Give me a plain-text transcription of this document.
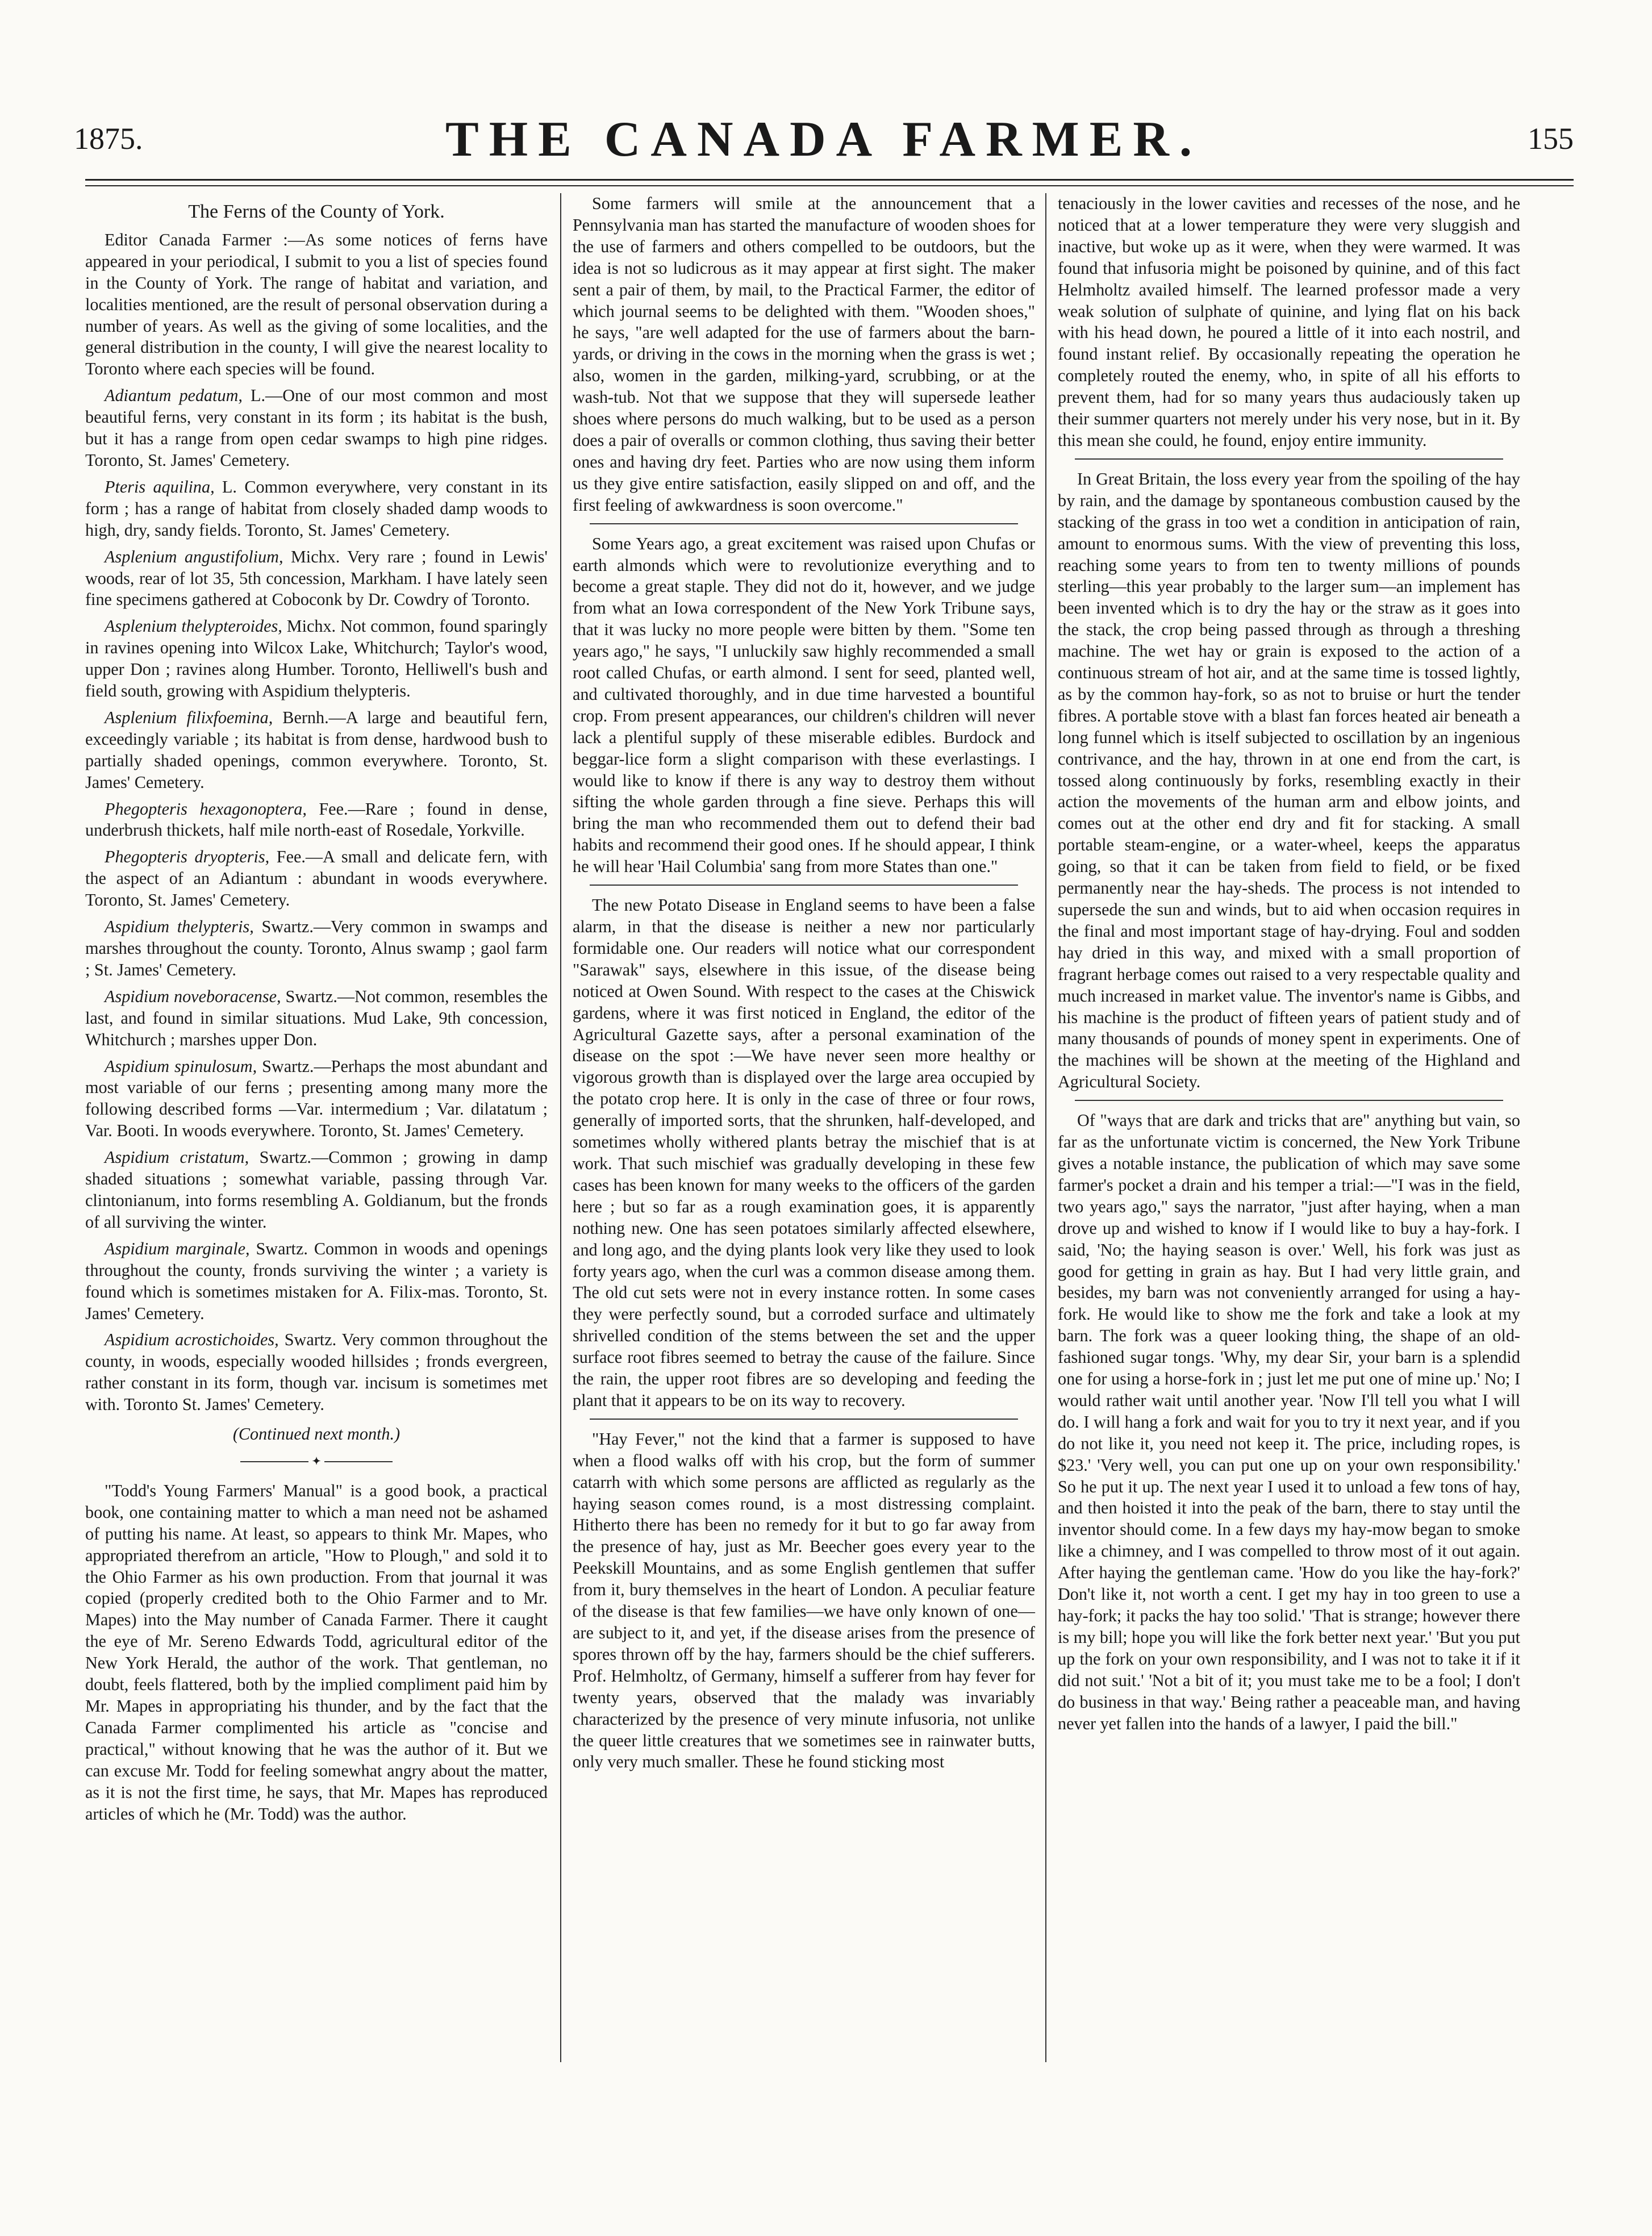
1875.	THE CANADA FARMER.	155
The Ferns of the County of York.

Editor Canada Farmer :—As some notices of ferns have appeared in your periodical, I submit to you a list of species found in the County of York. The range of habitat and variation, and localities mentioned, are the result of personal observation during a number of years. As well as the giving of some localities, and the general distribution in the county, I will give the nearest locality to Toronto where each species will be found.

Adiantum pedatum, L.—One of our most common and most beautiful ferns, very constant in its form ; its habitat is the bush, but it has a range from open cedar swamps to high pine ridges. Toronto, St. James' Cemetery.

Pteris aquilina, L. Common everywhere, very constant in its form ; has a range of habitat from closely shaded damp woods to high, dry, sandy fields. Toronto, St. James' Cemetery.

Asplenium angustifolium, Michx. Very rare ; found in Lewis' woods, rear of lot 35, 5th concession, Markham. I have lately seen fine specimens gathered at Coboconk by Dr. Cowdry of Toronto.

Asplenium thelypteroides, Michx. Not common, found sparingly in ravines opening into Wilcox Lake, Whitchurch; Taylor's wood, upper Don ; ravines along Humber. Toronto, Helliwell's bush and field south, growing with Aspidium thelypteris.

Asplenium filixfoemina, Bernh.—A large and beautiful fern, exceedingly variable ; its habitat is from dense, hardwood bush to partially shaded openings, common everywhere. Toronto, St. James' Cemetery.

Phegopteris hexagonoptera, Fee.—Rare ; found in dense, underbrush thickets, half mile north-east of Rosedale, Yorkville.

Phegopteris dryopteris, Fee.—A small and delicate fern, with the aspect of an Adiantum : abundant in woods everywhere. Toronto, St. James' Cemetery.

Aspidium thelypteris, Swartz.—Very common in swamps and marshes throughout the county. Toronto, Alnus swamp ; gaol farm ; St. James' Cemetery.

Aspidium noveboracense, Swartz.—Not common, resembles the last, and found in similar situations. Mud Lake, 9th concession, Whitchurch ; marshes upper Don.

Aspidium spinulosum, Swartz.—Perhaps the most abundant and most variable of our ferns ; presenting among many more the following described forms —Var. intermedium ; Var. dilatatum ; Var. Booti. In woods everywhere. Toronto, St. James' Cemetery.

Aspidium cristatum, Swartz.—Common ; growing in damp shaded situations ; somewhat variable, passing through Var. clintonianum, into forms resembling A. Goldianum, but the fronds of all surviving the winter.

Aspidium marginale, Swartz. Common in woods and openings throughout the county, fronds surviving the winter ; a variety is found which is sometimes mistaken for A. Filix-mas. Toronto, St. James' Cemetery.

Aspidium acrostichoides, Swartz. Very common throughout the county, in woods, especially wooded hillsides ; fronds evergreen, rather constant in its form, though var. incisum is sometimes met with. Toronto St. James' Cemetery.

(Continued next month.)

✦

"Todd's Young Farmers' Manual" is a good book, a practical book, one containing matter to which a man need not be ashamed of putting his name. At least, so appears to think Mr. Mapes, who appropriated therefrom an article, "How to Plough," and sold it to the Ohio Farmer as his own production. From that journal it was copied (properly credited both to the Ohio Farmer and to Mr. Mapes) into the May number of Canada Farmer. There it caught the eye of Mr. Sereno Edwards Todd, agricultural editor of the New York Herald, the author of the work. That gentleman, no doubt, feels flattered, both by the implied compliment paid him by Mr. Mapes in appropriating his thunder, and by the fact that the Canada Farmer complimented his article as "concise and practical," without knowing that he was the author of it. But we can excuse Mr. Todd for feeling somewhat angry about the matter, as it is not the first time, he says, that Mr. Mapes has reproduced articles of which he (Mr. Todd) was the author.

Some farmers will smile at the announcement that a Pennsylvania man has started the manufacture of wooden shoes for the use of farmers and others compelled to be outdoors, but the idea is not so ludicrous as it may appear at first sight. The maker sent a pair of them, by mail, to the Practical Farmer, the editor of which journal seems to be delighted with them. "Wooden shoes," he says, "are well adapted for the use of farmers about the barn-yards, or driving in the cows in the morning when the grass is wet ; also, women in the garden, milking-yard, scrubbing, or at the wash-tub. Not that we suppose that they will supersede leather shoes where persons do much walking, but to be used as a person does a pair of overalls or common clothing, thus saving their better ones and having dry feet. Parties who are now using them inform us they give entire satisfaction, easily slipped on and off, and the first feeling of awkwardness is soon overcome."

Some Years ago, a great excitement was raised upon Chufas or earth almonds which were to revolutionize everything and to become a great staple. They did not do it, however, and we judge from what an Iowa correspondent of the New York Tribune says, that it was lucky no more people were bitten by them. "Some ten years ago," he says, "I unluckily saw highly recommended a small root called Chufas, or earth almond. I sent for seed, planted well, and cultivated thoroughly, and in due time harvested a bountiful crop. From present appearances, our children's children will never lack a plentiful supply of these miserable edibles. Burdock and beggar-lice form a slight comparison with these everlastings. I would like to know if there is any way to destroy them without sifting the whole garden through a fine sieve. Perhaps this will bring the man who recommended them out to defend their bad habits and recommend their good ones. If he should appear, I think he will hear 'Hail Columbia' sang from more States than one."

The new Potato Disease in England seems to have been a false alarm, in that the disease is neither a new nor particularly formidable one. Our readers will notice what our correspondent "Sarawak" says, elsewhere in this issue, of the disease being noticed at Owen Sound. With respect to the cases at the Chiswick gardens, where it was first noticed in England, the editor of the Agricultural Gazette says, after a personal examination of the disease on the spot :—We have never seen more healthy or vigorous growth than is displayed over the large area occupied by the potato crop here. It is only in the case of three or four rows, generally of imported sorts, that the shrunken, half-developed, and sometimes wholly withered plants betray the mischief that is at work. That such mischief was gradually developing in these few cases has been known for many weeks to the officers of the garden here ; but so far as a rough examination goes, it is apparently nothing new. One has seen potatoes similarly affected elsewhere, and long ago, and the dying plants look very like they used to look forty years ago, when the curl was a common disease among them. The old cut sets were not in every instance rotten. In some cases they were perfectly sound, but a corroded surface and ultimately shrivelled condition of the stems between the set and the upper surface root fibres seemed to betray the cause of the failure. Since the rain, the upper root fibres are so developing and feeding the plant that it appears to be on its way to recovery.

"Hay Fever," not the kind that a farmer is supposed to have when a flood walks off with his crop, but the form of summer catarrh with which some persons are afflicted as regularly as the haying season comes round, is a most distressing complaint. Hitherto there has been no remedy for it but to go far away from the presence of hay, just as Mr. Beecher goes every year to the Peekskill Mountains, and as some English gentlemen that suffer from it, bury themselves in the heart of London. A peculiar feature of the disease is that few families—we have only known of one—are subject to it, and yet, if the disease arises from the presence of spores thrown off by the hay, farmers should be the chief sufferers. Prof. Helmholtz, of Germany, himself a sufferer from hay fever for twenty years, observed that the malady was invariably characterized by the presence of very minute infusoria, not unlike the queer little creatures that we sometimes see in rainwater butts, only very much smaller. These he found sticking most

tenaciously in the lower cavities and recesses of the nose, and he noticed that at a lower temperature they were very sluggish and inactive, but woke up as it were, when they were warmed. It was found that infusoria might be poisoned by quinine, and of this fact Helmholtz availed himself. The learned professor made a very weak solution of sulphate of quinine, and lying flat on his back with his head down, he poured a little of it into each nostril, and found instant relief. By occasionally repeating the operation he completely routed the enemy, who, in spite of all his efforts to prevent them, had for so many years thus audaciously taken up their summer quarters not merely under his very nose, but in it. By this mean she could, he found, enjoy entire immunity.

In Great Britain, the loss every year from the spoiling of the hay by rain, and the damage by spontaneous combustion caused by the stacking of the grass in too wet a condition in anticipation of rain, amount to enormous sums. With the view of preventing this loss, reaching some years to from ten to twenty millions of pounds sterling—this year probably to the larger sum—an implement has been invented which is to dry the hay or the straw as it goes into the stack, the crop being passed through as through a threshing machine. The wet hay or grain is exposed to the action of a continuous stream of hot air, and at the same time is tossed lightly, as by the common hay-fork, so as not to bruise or hurt the tender fibres. A portable stove with a blast fan forces heated air beneath a long funnel which is itself subjected to oscillation by an ingenious contrivance, and the hay, thrown in at one end from the cart, is tossed along continuously by forks, resembling exactly in their action the movements of the human arm and elbow joints, and comes out at the other end dry and fit for stacking. A small portable steam-engine, or a water-wheel, keeps the apparatus going, so that it can be taken from field to field, or be fixed permanently near the hay-sheds. The process is not intended to supersede the sun and winds, but to aid when occasion requires in the final and most important stage of hay-drying. Foul and sodden hay dried in this way, and mixed with a small proportion of fragrant herbage comes out raised to a very respectable quality and much increased in market value. The inventor's name is Gibbs, and his machine is the product of fifteen years of patient study and of many thousands of pounds of money spent in experiments. One of the machines will be shown at the meeting of the Highland and Agricultural Society.

Of "ways that are dark and tricks that are" anything but vain, so far as the unfortunate victim is concerned, the New York Tribune gives a notable instance, the publication of which may save some farmer's pocket a drain and his temper a trial:—"I was in the field, two years ago," says the narrator, "just after haying, when a man drove up and wished to know if I would like to buy a hay-fork. I said, 'No; the haying season is over.' Well, his fork was just as good for getting in grain as hay. But I had very little grain, and besides, my barn was not conveniently arranged for using a hay-fork. He would like to show me the fork and take a look at my barn. The fork was a queer looking thing, the shape of an old-fashioned sugar tongs. 'Why, my dear Sir, your barn is a splendid one for using a horse-fork in ; just let me put one of mine up.' No; I would rather wait until another year. 'Now I'll tell you what I will do. I will hang a fork and wait for you to try it next year, and if you do not like it, you need not keep it. The price, including ropes, is $23.' 'Very well, you can put one up on your own responsibility.' So he put it up. The next year I used it to unload a few tons of hay, and then hoisted it into the peak of the barn, there to stay until the inventor should come. In a few days my hay-mow began to smoke like a chimney, and I was compelled to throw most of it out again. After haying the gentleman came. 'How do you like the hay-fork?' Don't like it, not worth a cent. I get my hay in too green to use a hay-fork; it packs the hay too solid.' 'That is strange; however there is my bill; hope you will like the fork better next year.' 'But you put up the fork on your own responsibility, and I was not to take it if it did not suit.' 'Not a bit of it; you must take me to be a fool; I don't do business in that way.' Being rather a peaceable man, and having never yet fallen into the hands of a lawyer, I paid the bill."
